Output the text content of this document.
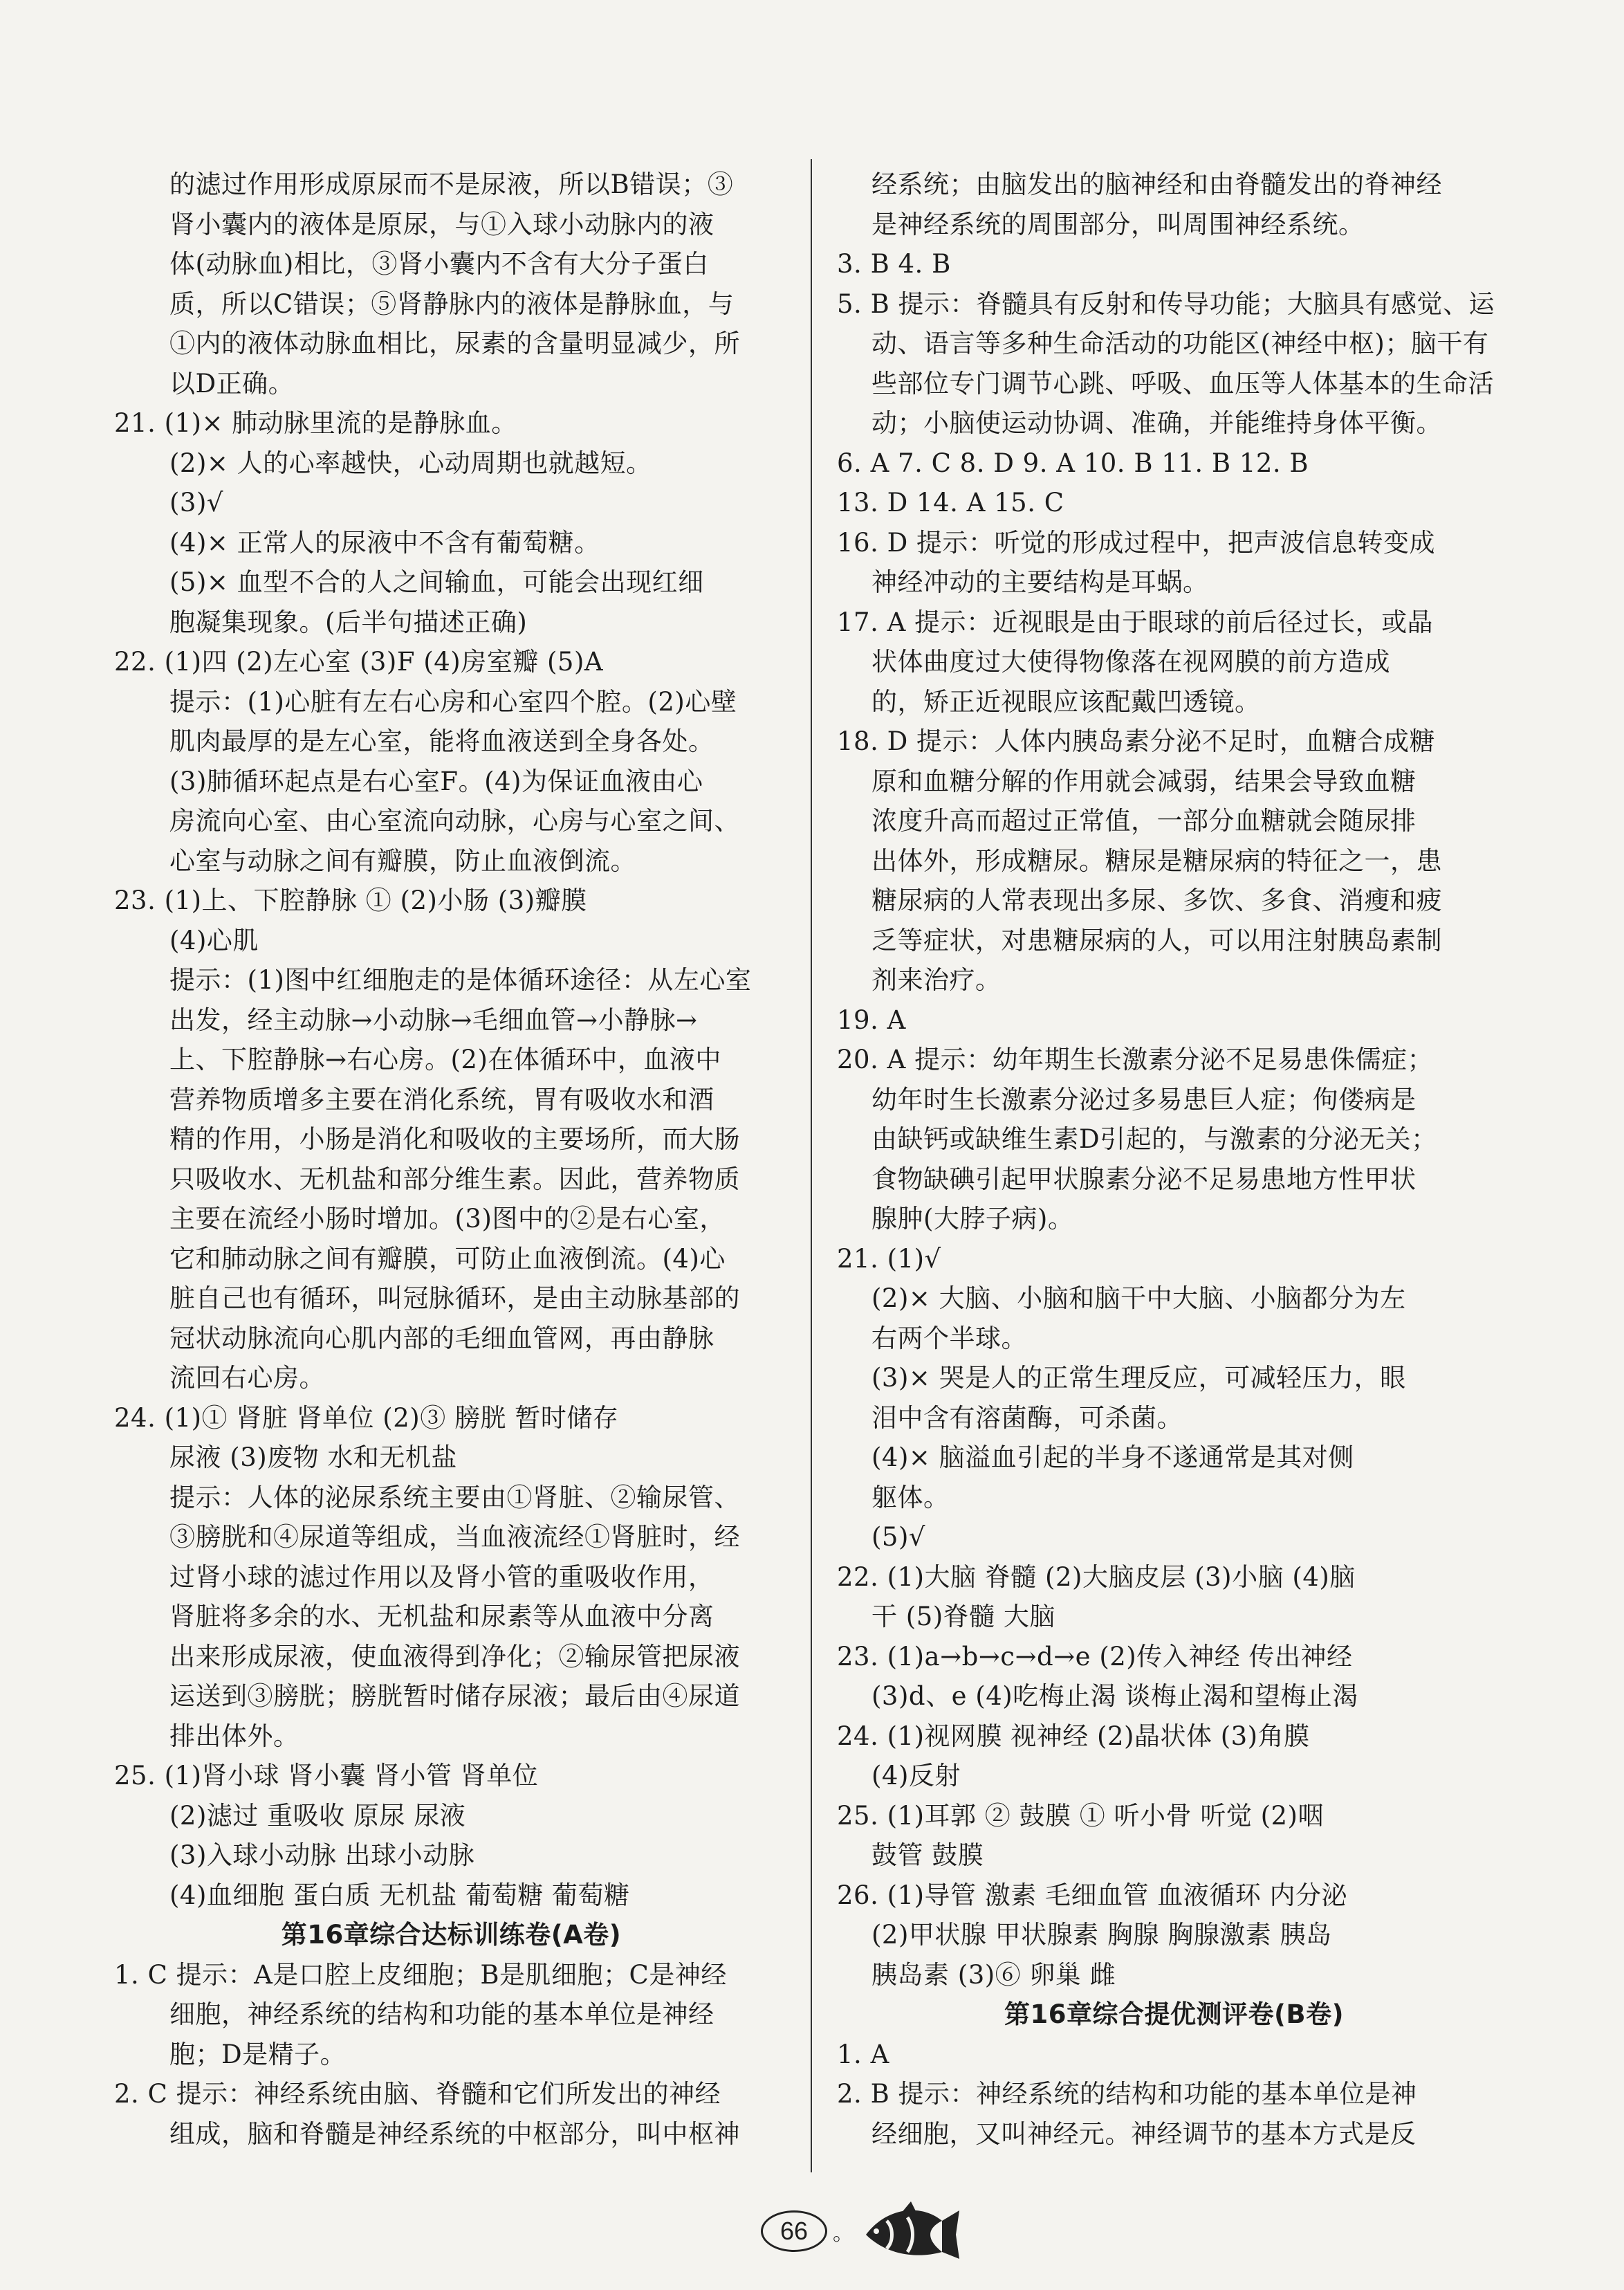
的滤过作用形成原尿而不是尿液，所以B错误；③
肾小囊内的液体是原尿，与①入球小动脉内的液
体(动脉血)相比，③肾小囊内不含有大分子蛋白
质，所以C错误；⑤肾静脉内的液体是静脉血，与
①内的液体动脉血相比，尿素的含量明显减少，所
以D正确。
21. (1)× 肺动脉里流的是静脉血。
(2)× 人的心率越快，心动周期也就越短。
(3)√
(4)× 正常人的尿液中不含有葡萄糖。
(5)× 血型不合的人之间输血，可能会出现红细
胞凝集现象。(后半句描述正确)
22. (1)四 (2)左心室 (3)F (4)房室瓣 (5)A
提示：(1)心脏有左右心房和心室四个腔。(2)心壁
肌肉最厚的是左心室，能将血液送到全身各处。
(3)肺循环起点是右心室F。(4)为保证血液由心
房流向心室、由心室流向动脉，心房与心室之间、
心室与动脉之间有瓣膜，防止血液倒流。
23. (1)上、下腔静脉 ① (2)小肠 (3)瓣膜
(4)心肌
提示：(1)图中红细胞走的是体循环途径：从左心室
出发，经主动脉→小动脉→毛细血管→小静脉→
上、下腔静脉→右心房。(2)在体循环中，血液中
营养物质增多主要在消化系统，胃有吸收水和酒
精的作用，小肠是消化和吸收的主要场所，而大肠
只吸收水、无机盐和部分维生素。因此，营养物质
主要在流经小肠时增加。(3)图中的②是右心室，
它和肺动脉之间有瓣膜，可防止血液倒流。(4)心
脏自己也有循环，叫冠脉循环，是由主动脉基部的
冠状动脉流向心肌内部的毛细血管网，再由静脉
流回右心房。
24. (1)① 肾脏 肾单位 (2)③ 膀胱 暂时储存
尿液 (3)废物 水和无机盐
提示：人体的泌尿系统主要由①肾脏、②输尿管、
③膀胱和④尿道等组成，当血液流经①肾脏时，经
过肾小球的滤过作用以及肾小管的重吸收作用，
肾脏将多余的水、无机盐和尿素等从血液中分离
出来形成尿液，使血液得到净化；②输尿管把尿液
运送到③膀胱；膀胱暂时储存尿液；最后由④尿道
排出体外。
25. (1)肾小球 肾小囊 肾小管 肾单位
(2)滤过 重吸收 原尿 尿液
(3)入球小动脉 出球小动脉
(4)血细胞 蛋白质 无机盐 葡萄糖 葡萄糖
第16章综合达标训练卷(A卷)
1. C 提示：A是口腔上皮细胞；B是肌细胞；C是神经
细胞，神经系统的结构和功能的基本单位是神经
胞；D是精子。
2. C 提示：神经系统由脑、脊髓和它们所发出的神经
组成，脑和脊髓是神经系统的中枢部分，叫中枢神
经系统；由脑发出的脑神经和由脊髓发出的脊神经
是神经系统的周围部分，叫周围神经系统。
3. B 4. B
5. B 提示：脊髓具有反射和传导功能；大脑具有感觉、运
动、语言等多种生命活动的功能区(神经中枢)；脑干有
些部位专门调节心跳、呼吸、血压等人体基本的生命活
动；小脑使运动协调、准确，并能维持身体平衡。
6. A 7. C 8. D 9. A 10. B 11. B 12. B
13. D 14. A 15. C
16. D 提示：听觉的形成过程中，把声波信息转变成
神经冲动的主要结构是耳蜗。
17. A 提示：近视眼是由于眼球的前后径过长，或晶
状体曲度过大使得物像落在视网膜的前方造成
的，矫正近视眼应该配戴凹透镜。
18. D 提示：人体内胰岛素分泌不足时，血糖合成糖
原和血糖分解的作用就会减弱，结果会导致血糖
浓度升高而超过正常值，一部分血糖就会随尿排
出体外，形成糖尿。糖尿是糖尿病的特征之一，患
糖尿病的人常表现出多尿、多饮、多食、消瘦和疲
乏等症状，对患糖尿病的人，可以用注射胰岛素制
剂来治疗。
19. A
20. A 提示：幼年期生长激素分泌不足易患侏儒症；
幼年时生长激素分泌过多易患巨人症；佝偻病是
由缺钙或缺维生素D引起的，与激素的分泌无关；
食物缺碘引起甲状腺素分泌不足易患地方性甲状
腺肿(大脖子病)。
21. (1)√
(2)× 大脑、小脑和脑干中大脑、小脑都分为左
右两个半球。
(3)× 哭是人的正常生理反应，可减轻压力，眼
泪中含有溶菌酶，可杀菌。
(4)× 脑溢血引起的半身不遂通常是其对侧
躯体。
(5)√
22. (1)大脑 脊髓 (2)大脑皮层 (3)小脑 (4)脑
干 (5)脊髓 大脑
23. (1)a→b→c→d→e (2)传入神经 传出神经
(3)d、e (4)吃梅止渴 谈梅止渴和望梅止渴
24. (1)视网膜 视神经 (2)晶状体 (3)角膜
(4)反射
25. (1)耳郭 ② 鼓膜 ① 听小骨 听觉 (2)咽
鼓管 鼓膜
26. (1)导管 激素 毛细血管 血液循环 内分泌
(2)甲状腺 甲状腺素 胸腺 胸腺激素 胰岛
胰岛素 (3)⑥ 卵巢 雌
第16章综合提优测评卷(B卷)
1. A
2. B 提示：神经系统的结构和功能的基本单位是神
经细胞，又叫神经元。神经调节的基本方式是反
66	。
